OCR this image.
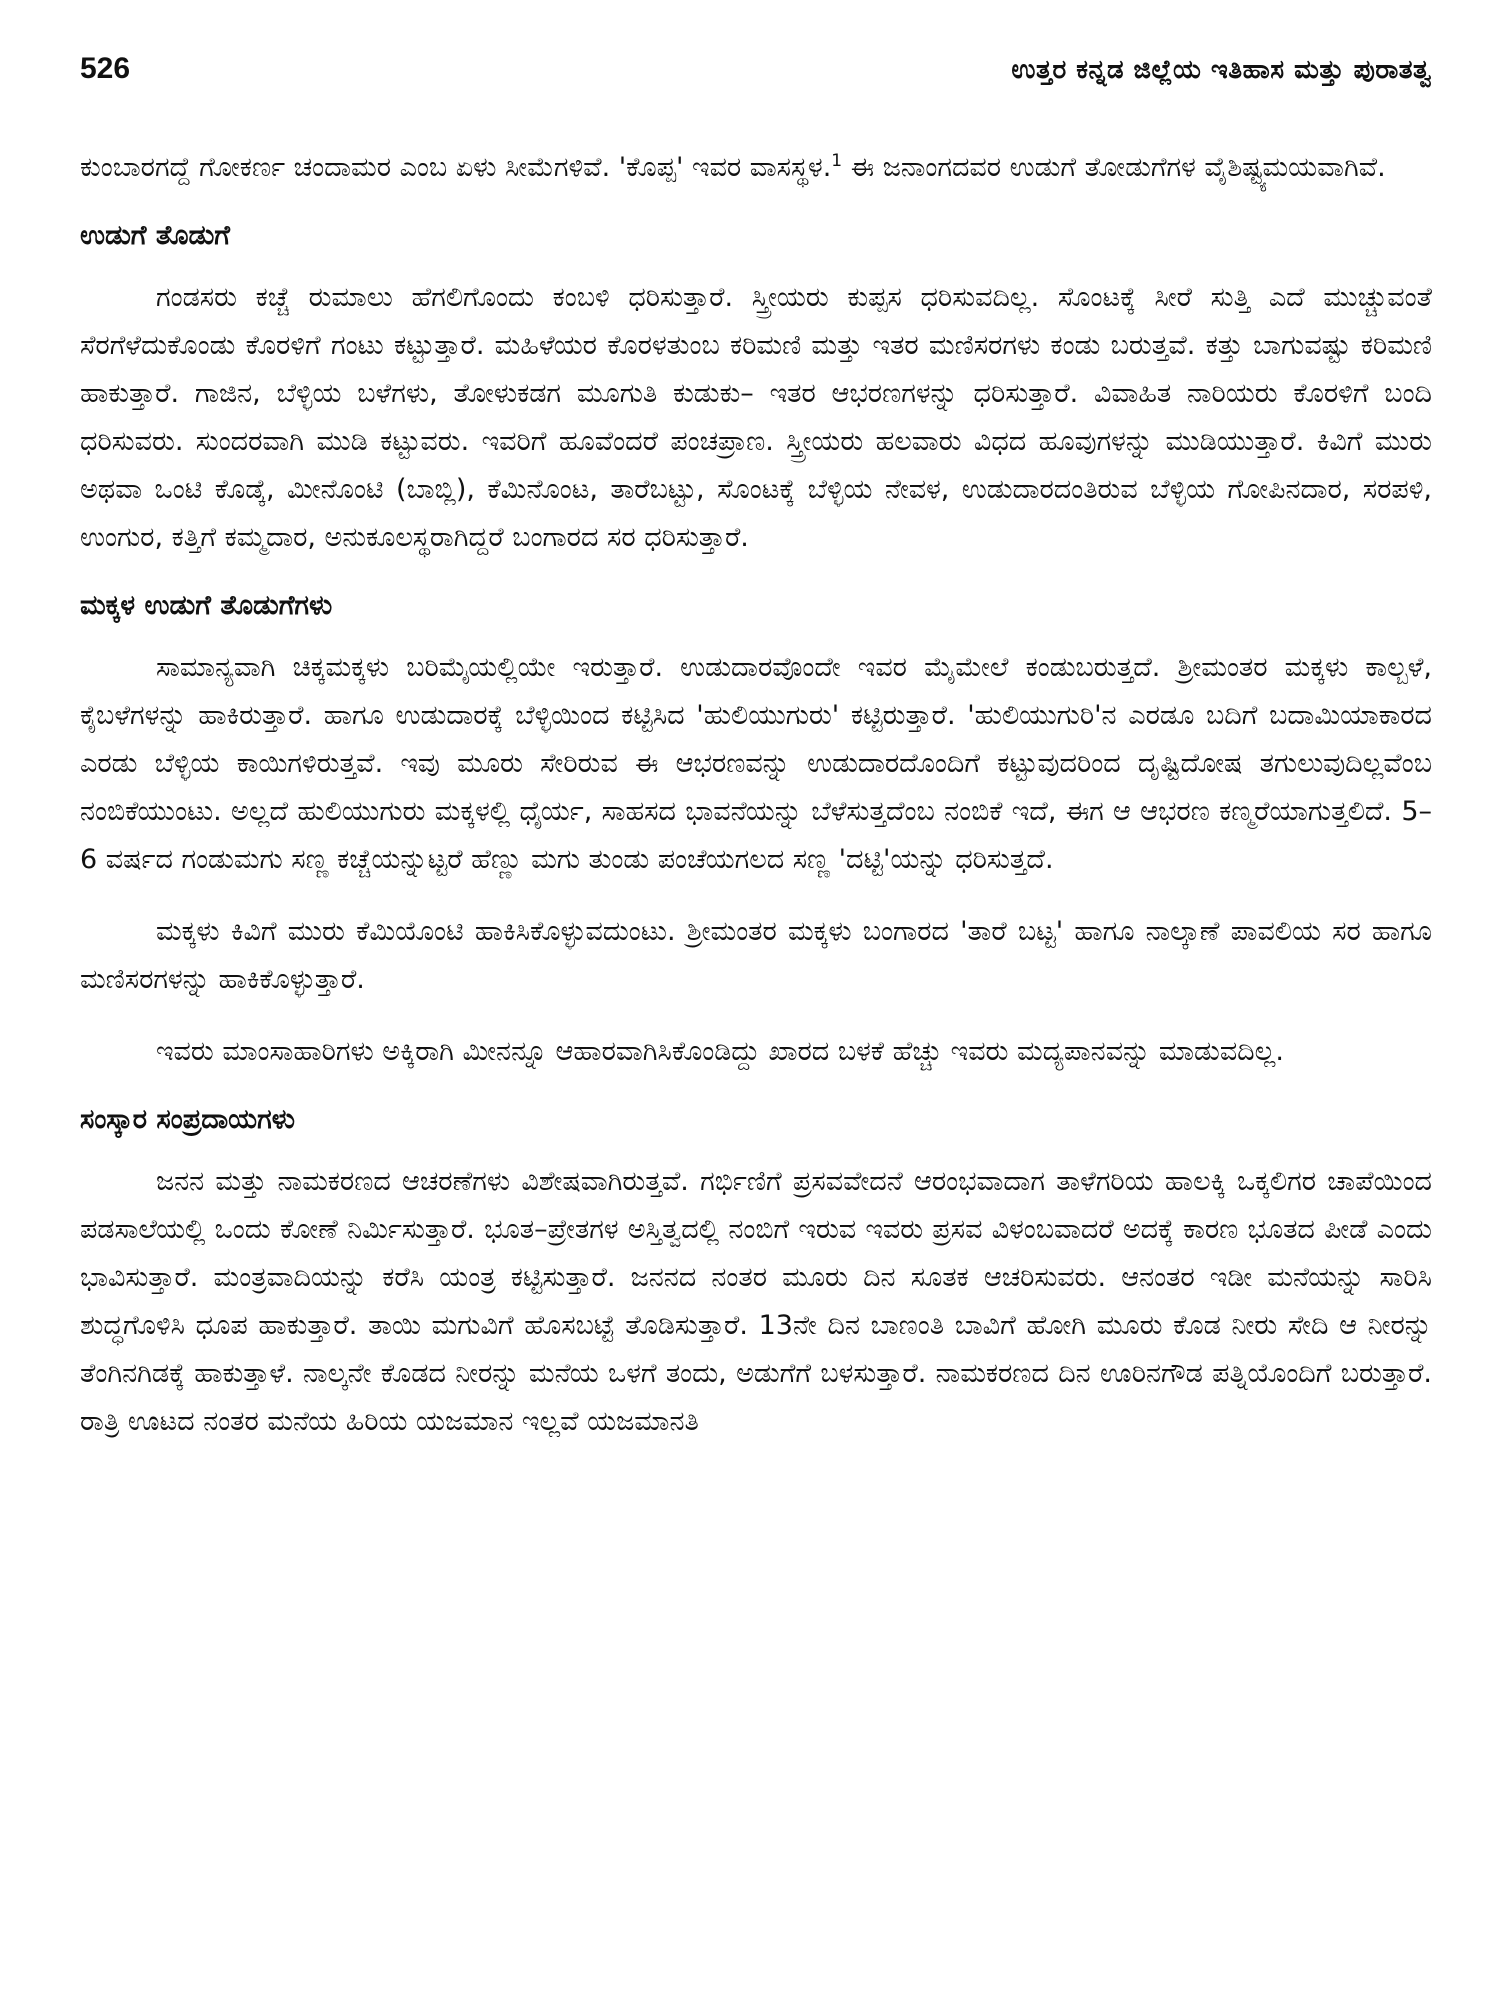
526	ಉತ್ತರ ಕನ್ನಡ ಜಿಲ್ಲೆಯ ಇತಿಹಾಸ ಮತ್ತು ಪುರಾತತ್ವ

ಕುಂಬಾರಗದ್ದೆ ಗೋಕರ್ಣ ಚಂದಾಮರ ಎಂಬ ಏಳು ಸೀಮೆಗಳಿವೆ. 'ಕೊಪ್ಪ' ಇವರ ವಾಸಸ್ಥಳ.$^1$ ಈ ಜನಾಂಗದವರ ಉಡುಗೆ ತೋಡುಗೆಗಳ ವೈಶಿಷ್ಟ್ಯಮಯವಾಗಿವೆ.

ಉಡುಗೆ ತೊಡುಗೆ

ಗಂಡಸರು ಕಚ್ಚೆ ರುಮಾಲು ಹೆಗಲಿಗೊಂದು ಕಂಬಳಿ ಧರಿಸುತ್ತಾರೆ. ಸ್ತ್ರೀಯರು ಕುಪ್ಪಸ ಧರಿಸುವದಿಲ್ಲ. ಸೊಂಟಕ್ಕೆ ಸೀರೆ ಸುತ್ತಿ ಎದೆ ಮುಚ್ಚುವಂತೆ ಸೆರಗೆಳೆದುಕೊಂಡು ಕೊರಳಿಗೆ ಗಂಟು ಕಟ್ಟುತ್ತಾರೆ. ಮಹಿಳೆಯರ ಕೊರಳತುಂಬ ಕರಿಮಣಿ ಮತ್ತು ಇತರ ಮಣಿಸರಗಳು ಕಂಡು ಬರುತ್ತವೆ. ಕತ್ತು ಬಾಗುವಷ್ಟು ಕರಿಮಣಿ ಹಾಕುತ್ತಾರೆ. ಗಾಜಿನ, ಬೆಳ್ಳಿಯ ಬಳೆಗಳು, ತೋಳುಕಡಗ ಮೂಗುತಿ ಕುಡುಕು– ಇತರ ಆಭರಣಗಳನ್ನು ಧರಿಸುತ್ತಾರೆ. ವಿವಾಹಿತ ನಾರಿಯರು ಕೊರಳಿಗೆ ಬಂದಿ ಧರಿಸುವರು. ಸುಂದರವಾಗಿ ಮುಡಿ ಕಟ್ಟುವರು. ಇವರಿಗೆ ಹೂವೆಂದರೆ ಪಂಚಪ್ರಾಣ. ಸ್ತ್ರೀಯರು ಹಲವಾರು ವಿಧದ ಹೂವುಗಳನ್ನು ಮುಡಿಯುತ್ತಾರೆ. ಕಿವಿಗೆ ಮುರು ಅಥವಾ ಒಂಟಿ ಕೊಡ್ಕೆ, ಮೀನೊಂಟಿ (ಬಾಬ್ಲಿ), ಕೆಮಿನೊಂಟ, ತಾರೆಬಟ್ಟು, ಸೊಂಟಕ್ಕೆ ಬೆಳ್ಳಿಯ ನೇವಳ, ಉಡುದಾರದಂತಿರುವ ಬೆಳ್ಳಿಯ ಗೋಪಿನದಾರ, ಸರಪಳಿ, ಉಂಗುರ, ಕತ್ತಿಗೆ ಕಮ್ಮದಾರ, ಅನುಕೂಲಸ್ಥರಾಗಿದ್ದರೆ ಬಂಗಾರದ ಸರ ಧರಿಸುತ್ತಾರೆ.

ಮಕ್ಕಳ ಉಡುಗೆ ತೊಡುಗೆಗಳು

ಸಾಮಾನ್ಯವಾಗಿ ಚಿಕ್ಕಮಕ್ಕಳು ಬರಿಮೈಯಲ್ಲಿಯೇ ಇರುತ್ತಾರೆ. ಉಡುದಾರವೊಂದೇ ಇವರ ಮೈಮೇಲೆ ಕಂಡುಬರುತ್ತದೆ. ಶ್ರೀಮಂತರ ಮಕ್ಕಳು ಕಾಲ್ಬಳೆ, ಕೈಬಳೆಗಳನ್ನು ಹಾಕಿರುತ್ತಾರೆ. ಹಾಗೂ ಉಡುದಾರಕ್ಕೆ ಬೆಳ್ಳಿಯಿಂದ ಕಟ್ಟಿಸಿದ 'ಹುಲಿಯುಗುರು' ಕಟ್ಟಿರುತ್ತಾರೆ. 'ಹುಲಿಯುಗುರಿ'ನ ಎರಡೂ ಬದಿಗೆ ಬದಾಮಿಯಾಕಾರದ ಎರಡು ಬೆಳ್ಳಿಯ ಕಾಯಿಗಳಿರುತ್ತವೆ. ಇವು ಮೂರು ಸೇರಿರುವ ಈ ಆಭರಣವನ್ನು ಉಡುದಾರದೊಂದಿಗೆ ಕಟ್ಟುವುದರಿಂದ ದೃಷ್ಟಿದೋಷ ತಗುಲುವುದಿಲ್ಲವೆಂಬ ನಂಬಿಕೆಯುಂಟು. ಅಲ್ಲದೆ ಹುಲಿಯುಗುರು ಮಕ್ಕಳಲ್ಲಿ ಧೈರ್ಯ, ಸಾಹಸದ ಭಾವನೆಯನ್ನು ಬೆಳೆಸುತ್ತದೆಂಬ ನಂಬಿಕೆ ಇದೆ, ಈಗ ಆ ಆಭರಣ ಕಣ್ಮರೆಯಾಗುತ್ತಲಿದೆ. 5–6 ವರ್ಷದ ಗಂಡುಮಗು ಸಣ್ಣ ಕಚ್ಚೆಯನ್ನುಟ್ಟರೆ ಹೆಣ್ಣು ಮಗು ತುಂಡು ಪಂಚೆಯಗಲದ ಸಣ್ಣ 'ದಟ್ಟಿ'ಯನ್ನು ಧರಿಸುತ್ತದೆ.

ಮಕ್ಕಳು ಕಿವಿಗೆ ಮುರು ಕೆಮಿಯೊಂಟಿ ಹಾಕಿಸಿಕೊಳ್ಳುವದುಂಟು. ಶ್ರೀಮಂತರ ಮಕ್ಕಳು ಬಂಗಾರದ 'ತಾರೆ ಬಟ್ಟ' ಹಾಗೂ ನಾಲ್ಕಾಣೆ ಪಾವಲಿಯ ಸರ ಹಾಗೂ ಮಣಿಸರಗಳನ್ನು ಹಾಕಿಕೊಳ್ಳುತ್ತಾರೆ.

ಇವರು ಮಾಂಸಾಹಾರಿಗಳು ಅಕ್ಕಿರಾಗಿ ಮೀನನ್ನೂ ಆಹಾರವಾಗಿಸಿಕೊಂಡಿದ್ದು ಖಾರದ ಬಳಕೆ ಹೆಚ್ಚು ಇವರು ಮದ್ಯಪಾನವನ್ನು ಮಾಡುವದಿಲ್ಲ.

ಸಂಸ್ಕಾರ ಸಂಪ್ರದಾಯಗಳು

ಜನನ ಮತ್ತು ನಾಮಕರಣದ ಆಚರಣೆಗಳು ವಿಶೇಷವಾಗಿರುತ್ತವೆ. ಗರ್ಭಿಣಿಗೆ ಪ್ರಸವವೇದನೆ ಆರಂಭವಾದಾಗ ತಾಳೆಗರಿಯ ಹಾಲಕ್ಕಿ ಒಕ್ಕಲಿಗರ ಚಾಪೆಯಿಂದ ಪಡಸಾಲೆಯಲ್ಲಿ ಒಂದು ಕೋಣೆ ನಿರ್ಮಿಸುತ್ತಾರೆ. ಭೂತ–ಪ್ರೇತಗಳ ಅಸ್ತಿತ್ವದಲ್ಲಿ ನಂಬಿಗೆ ಇರುವ ಇವರು ಪ್ರಸವ ವಿಳಂಬವಾದರೆ ಅದಕ್ಕೆ ಕಾರಣ ಭೂತದ ಪೀಡೆ ಎಂದು ಭಾವಿಸುತ್ತಾರೆ. ಮಂತ್ರವಾದಿಯನ್ನು ಕರೆಸಿ ಯಂತ್ರ ಕಟ್ಟಿಸುತ್ತಾರೆ. ಜನನದ ನಂತರ ಮೂರು ದಿನ ಸೂತಕ ಆಚರಿಸುವರು. ಆನಂತರ ಇಡೀ ಮನೆಯನ್ನು ಸಾರಿಸಿ ಶುದ್ಧಗೊಳಿಸಿ ಧೂಪ ಹಾಕುತ್ತಾರೆ. ತಾಯಿ ಮಗುವಿಗೆ ಹೊಸಬಟ್ಟೆ ತೊಡಿಸುತ್ತಾರೆ. 13ನೇ ದಿನ ಬಾಣಂತಿ ಬಾವಿಗೆ ಹೋಗಿ ಮೂರು ಕೊಡ ನೀರು ಸೇದಿ ಆ ನೀರನ್ನು ತೆಂಗಿನಗಿಡಕ್ಕೆ ಹಾಕುತ್ತಾಳೆ. ನಾಲ್ಕನೇ ಕೊಡದ ನೀರನ್ನು ಮನೆಯ ಒಳಗೆ ತಂದು, ಅಡುಗೆಗೆ ಬಳಸುತ್ತಾರೆ. ನಾಮಕರಣದ ದಿನ ಊರಿನಗೌಡ ಪತ್ನಿಯೊಂದಿಗೆ ಬರುತ್ತಾರೆ. ರಾತ್ರಿ ಊಟದ ನಂತರ ಮನೆಯ ಹಿರಿಯ ಯಜಮಾನ ಇಲ್ಲವೆ ಯಜಮಾನತಿ
